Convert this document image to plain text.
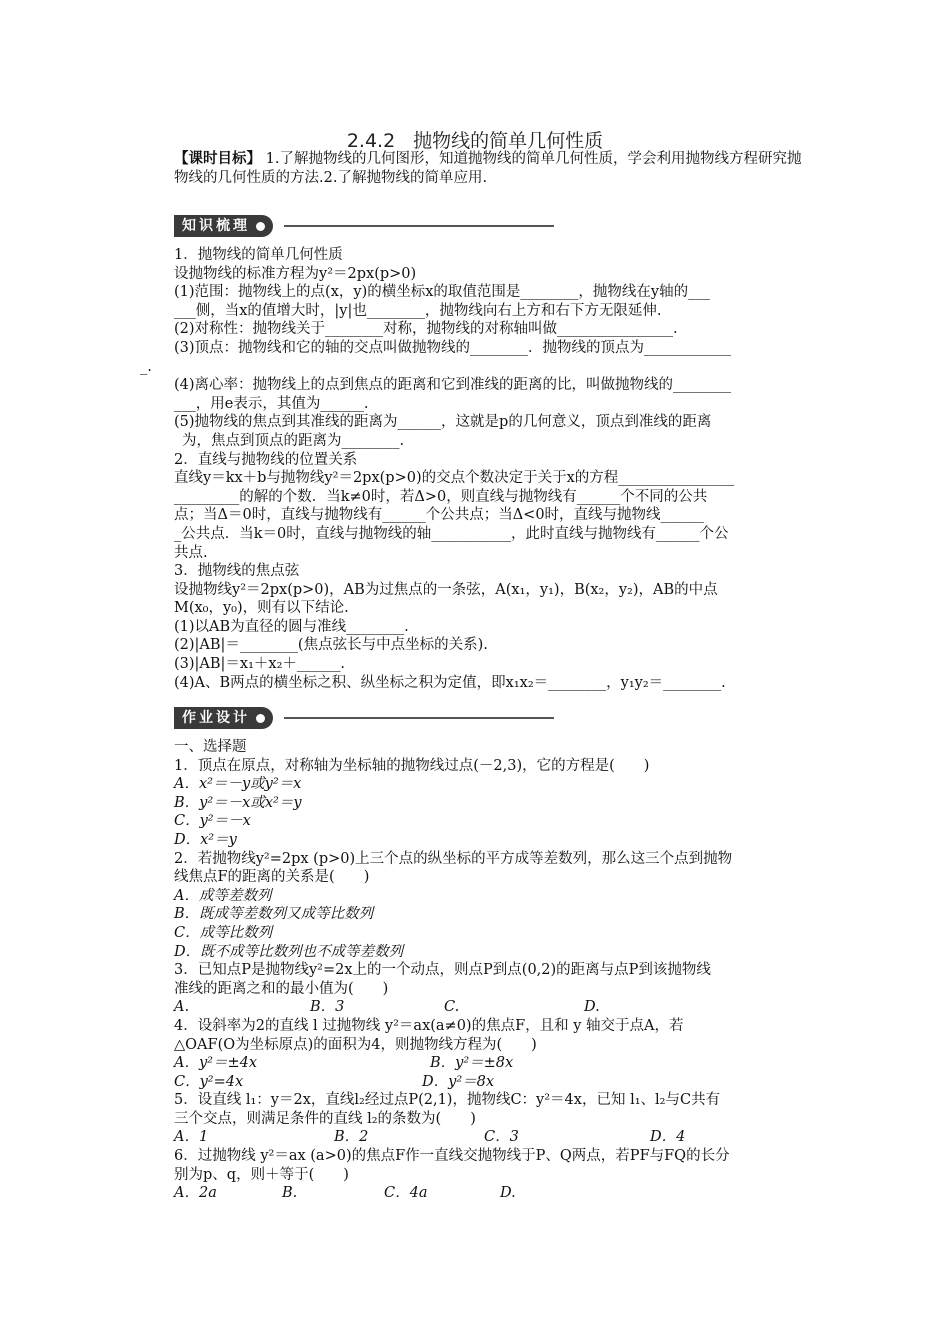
2.4.2 抛物线的简单几何性质

【课时目标】 1.了解抛物线的几何图形，知道抛物线的简单几何性质，学会利用抛物线方程研究抛物线的几何性质的方法.2.了解抛物线的简单应用.

知识梳理

1．抛物线的简单几何性质

设抛物线的标准方程为y²＝2px(p>0)

(1)范围：抛物线上的点(x，y)的横坐标x的取值范围是________，抛物线在y轴的___

___侧，当x的值增大时，|y|也________，抛物线向右上方和右下方无限延伸.

(2)对称性：抛物线关于________对称，抛物线的对称轴叫做________________.

(3)顶点：抛物线和它的轴的交点叫做抛物线的________．抛物线的顶点为____________

_.

(4)离心率：抛物线上的点到焦点的距离和它到准线的距离的比，叫做抛物线的________

___，用e表示，其值为______.

(5)抛物线的焦点到其准线的距离为______，这就是p的几何意义，顶点到准线的距离

为，焦点到顶点的距离为________.

2．直线与抛物线的位置关系

直线y＝kx＋b与抛物线y²＝2px(p>0)的交点个数决定于关于x的方程________________

_________的解的个数．当k≠0时，若Δ>0，则直线与抛物线有______个不同的公共

点；当Δ＝0时，直线与抛物线有______个公共点；当Δ<0时，直线与抛物线______

_公共点．当k＝0时，直线与抛物线的轴___________，此时直线与抛物线有______个公

共点.

3．抛物线的焦点弦

设抛物线y²＝2px(p>0)，AB为过焦点的一条弦，A(x₁，y₁)，B(x₂，y₂)，AB的中点

M(x₀，y₀)，则有以下结论.

(1)以AB为直径的圆与准线________.

(2)|AB|＝________(焦点弦长与中点坐标的关系).

(3)|AB|＝x₁＋x₂＋______.

(4)A、B两点的横坐标之积、纵坐标之积为定值，即x₁x₂＝________，y₁y₂＝________.

作业设计

一、选择题

1．顶点在原点，对称轴为坐标轴的抛物线过点(－2,3)，它的方程是(　　)

A．x²＝－y或y²＝x

B．y²＝－x或x²＝y

C．y²＝－x

D．x²＝y

2．若抛物线y²=2px (p>0)上三个点的纵坐标的平方成等差数列，那么这三个点到抛物

线焦点F的距离的关系是(　　)

A．成等差数列

B．既成等差数列又成等比数列

C．成等比数列

D．既不成等比数列也不成等差数列

3．已知点P是抛物线y²=2x上的一个动点，则点P到点(0,2)的距离与点P到该抛物线

准线的距离之和的最小值为(　　)

A.	B．3	C.	D.

4．设斜率为2的直线 l 过抛物线 y²＝ax(a≠0)的焦点F，且和 y 轴交于点A，若

△OAF(O为坐标原点)的面积为4，则抛物线方程为(　　)

A．y²＝±4x	B．y²＝±8x

C．y²=4x	D．y²＝8x

5．设直线 l₁：y＝2x，直线l₂经过点P(2,1)，抛物线C：y²＝4x，已知 l₁、l₂与C共有

三个交点，则满足条件的直线 l₂的条数为(　　)

A．1	B．2	C．3	D．4

6．过抛物线 y²＝ax (a>0)的焦点F作一直线交抛物线于P、Q两点，若PF与FQ的长分

别为p、q，则＋等于(　　)

A．2a	B.	C．4a	D.
